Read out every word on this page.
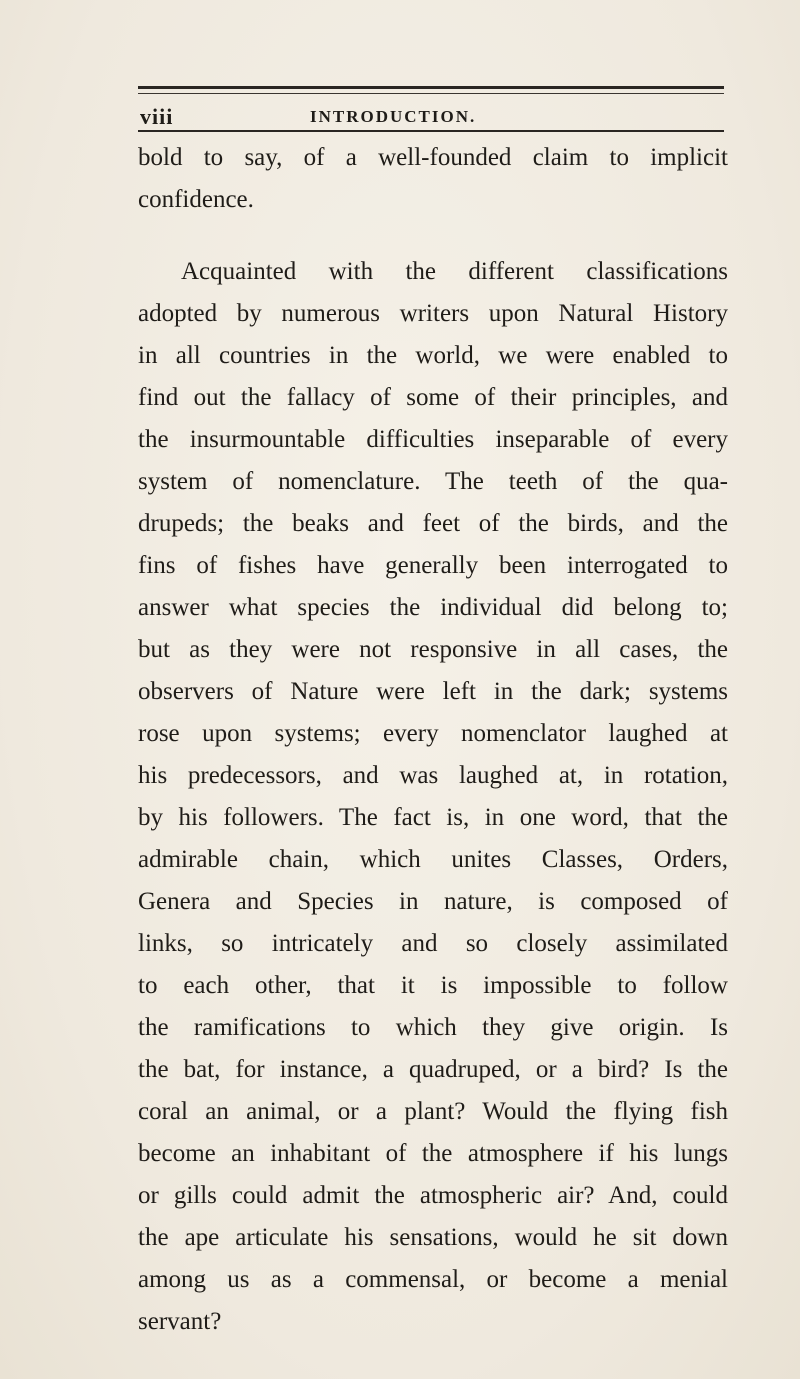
viii	INTRODUCTION.
bold to say, of a well-founded claim to implicit
confidence.
Acquainted with the different classifications
adopted by numerous writers upon Natural History
in all countries in the world, we were enabled to
find out the fallacy of some of their principles, and
the insurmountable difficulties inseparable of every
system of nomenclature. The teeth of the qua-
drupeds; the beaks and feet of the birds, and the
fins of fishes have generally been interrogated to
answer what species the individual did belong to;
but as they were not responsive in all cases, the
observers of Nature were left in the dark; systems
rose upon systems; every nomenclator laughed at
his predecessors, and was laughed at, in rotation,
by his followers. The fact is, in one word, that the
admirable chain, which unites Classes, Orders,
Genera and Species in nature, is composed of
links, so intricately and so closely assimilated
to each other, that it is impossible to follow
the ramifications to which they give origin. Is
the bat, for instance, a quadruped, or a bird? Is the
coral an animal, or a plant? Would the flying fish
become an inhabitant of the atmosphere if his lungs
or gills could admit the atmospheric air? And, could
the ape articulate his sensations, would he sit down
among us as a commensal, or become a menial
servant?
